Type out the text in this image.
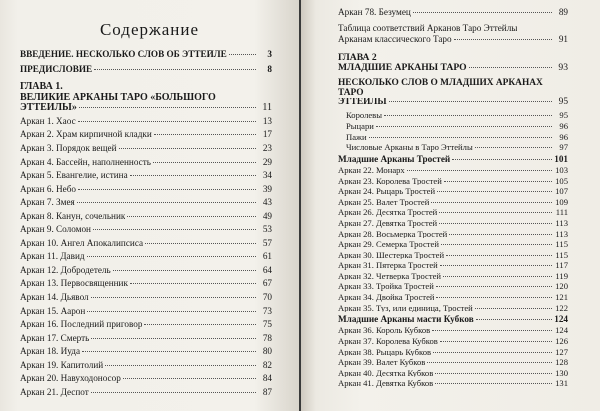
Содержание
ВВЕДЕНИЕ. НЕСКОЛЬКО СЛОВ ОБ ЭТТЕЙЛЕ	3
ПРЕДИСЛОВИЕ	8
ГЛАВА 1.
ВЕЛИКИЕ АРКАНЫ ТАРО «БОЛЬШОГО
ЭТТЕЙЛЫ»	11
Аркан 1. Хаос	13
Аркан 2. Храм кирпичной кладки	17
Аркан 3. Порядок вещей	23
Аркан 4. Бассейн, наполненность	29
Аркан 5. Евангелие, истина	34
Аркан 6. Небо	39
Аркан 7. Змея	43
Аркан 8. Канун, сочельник	49
Аркан 9. Соломон	53
Аркан 10. Ангел Апокалипсиса	57
Аркан 11. Давид	61
Аркан 12. Добродетель	64
Аркан 13. Первосвященник	67
Аркан 14. Дьявол	70
Аркан 15. Аарон	73
Аркан 16. Последний приговор	75
Аркан 17. Смерть	78
Аркан 18. Иуда	80
Аркан 19. Капитолий	82
Аркан 20. Навуходоносор	84
Аркан 21. Деспот	87
Аркан 78. Безумец	89
Таблица соответствий Арканов Таро Эттейлы
Арканам классического Таро	91
ГЛАВА 2
МЛАДШИЕ АРКАНЫ ТАРО	93
НЕСКОЛЬКО СЛОВ О МЛАДШИХ АРКАНАХ ТАРО
ЭТТЕЙЛЫ	95
Королевы	95
Рыцари	96
Пажи	96
Числовые Арканы в Таро Эттейлы	97
Младшие Арканы Тростей	101
Аркан 22. Монарх	103
Аркан 23. Королева Тростей	105
Аркан 24. Рыцарь Тростей	107
Аркан 25. Валет Тростей	109
Аркан 26. Десятка Тростей	111
Аркан 27. Девятка Тростей	113
Аркан 28. Восьмерка Тростей	113
Аркан 29. Семерка Тростей	115
Аркан 30. Шестерка Тростей	115
Аркан 31. Пятерка Тростей	117
Аркан 32. Четверка Тростей	119
Аркан 33. Тройка Тростей	120
Аркан 34. Двойка Тростей	121
Аркан 35. Туз, или единица, Тростей	122
Младшие Арканы масти Кубков	124
Аркан 36. Король Кубков	124
Аркан 37. Королева Кубков	126
Аркан 38. Рыцарь Кубков	127
Аркан 39. Валет Кубков	128
Аркан 40. Десятка Кубков	130
Аркан 41. Девятка Кубков	131
